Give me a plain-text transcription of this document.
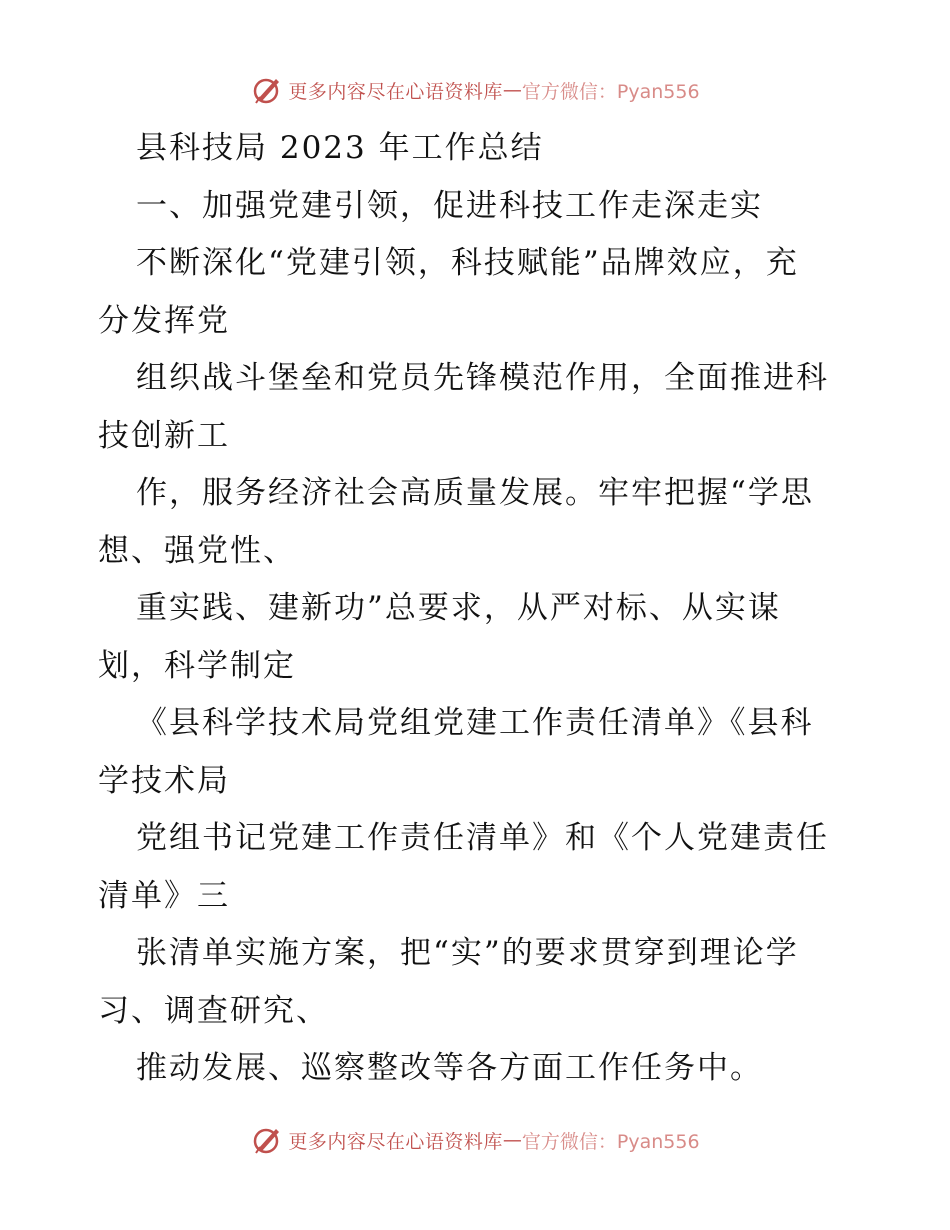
更多内容尽在心语资料库 — 官方微信：Pyan556
县科技局 2023 年工作总结
一、加强党建引领，促进科技工作走深走实
不断深化“党建引领，科技赋能”品牌效应，充
分发挥党
组织战斗堡垒和党员先锋模范作用，全面推进科
技创新工
作，服务经济社会高质量发展。牢牢把握“学思
想、强党性、
重实践、建新功”总要求，从严对标、从实谋
划，科学制定
《县科学技术局党组党建工作责任清单》《县科
学技术局
党组书记党建工作责任清单》和《个人党建责任
清单》三
张清单实施方案，把“实”的要求贯穿到理论学
习、调查研究、
推动发展、巡察整改等各方面工作任务中。
更多内容尽在心语资料库 — 官方微信：Pyan556
